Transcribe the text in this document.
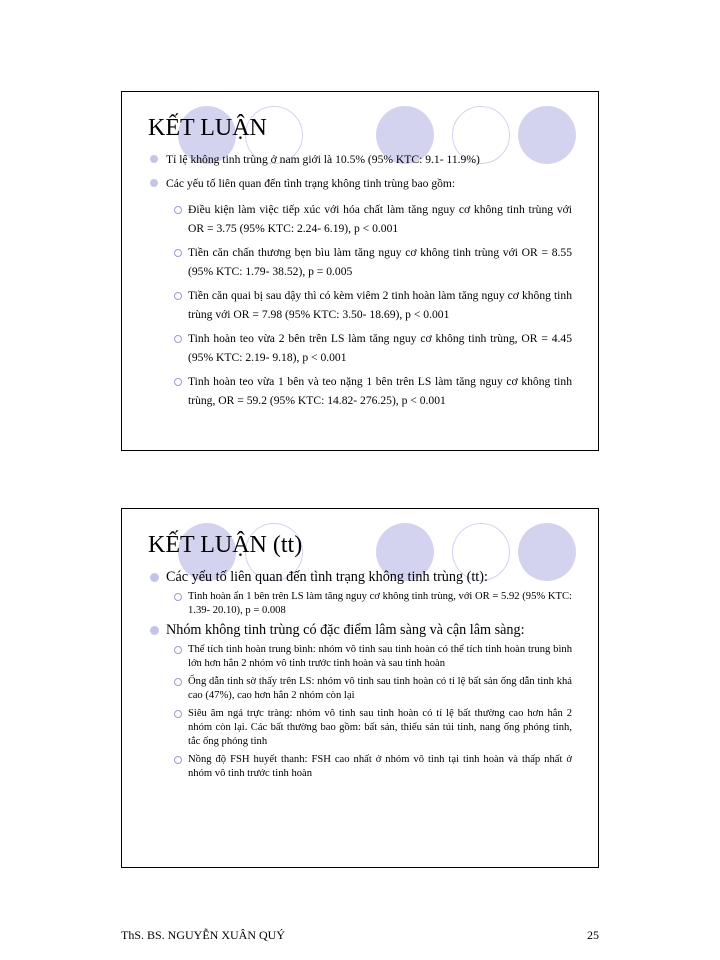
KẾT LUẬN
Tỉ lệ không tinh trùng ở nam giới là 10.5% (95% KTC: 9.1- 11.9%)
Các yếu tố liên quan đến tình trạng không tinh trùng bao gồm:
Điều kiện làm việc tiếp xúc với hóa chất làm tăng nguy cơ không tinh trùng với OR = 3.75 (95% KTC: 2.24- 6.19), p < 0.001
Tiền căn chấn thương bẹn bìu làm tăng nguy cơ không tinh trùng với OR = 8.55 (95% KTC: 1.79- 38.52), p = 0.005
Tiền căn quai bị sau dậy thì có kèm viêm 2 tinh hoàn làm tăng nguy cơ không tinh trùng với OR = 7.98 (95% KTC: 3.50- 18.69), p < 0.001
Tinh hoàn teo vừa 2 bên trên LS làm tăng nguy cơ không tinh trùng, OR = 4.45 (95% KTC: 2.19- 9.18), p < 0.001
Tinh hoàn teo vừa 1 bên và teo nặng 1 bên trên LS làm tăng nguy cơ không tinh trùng, OR = 59.2 (95% KTC: 14.82- 276.25), p < 0.001
KẾT LUẬN (tt)
Các yếu tố liên quan đến tình trạng không tinh trùng (tt):
Tinh hoàn ẩn 1 bên trên LS làm tăng nguy cơ không tinh trùng, với OR = 5.92 (95% KTC: 1.39- 20.10), p = 0.008
Nhóm không tinh trùng có đặc điểm lâm sàng và cận lâm sàng:
Thể tích tinh hoàn trung bình: nhóm vô tinh sau tinh hoàn có thể tích tinh hoàn trung bình lớn hơn hẳn 2 nhóm vô tinh trước tinh hoàn và sau tinh hoàn
Ống dẫn tinh sờ thấy trên LS: nhóm vô tinh sau tinh hoàn có tỉ lệ bất sản ống dẫn tinh khá cao (47%), cao hơn hẳn 2 nhóm còn lại
Siêu âm ngả trực tràng: nhóm vô tinh sau tinh hoàn có tỉ lệ bất thường cao hơn hẳn 2 nhóm còn lại. Các bất thường bao gồm: bất sản, thiểu sản túi tinh, nang ống phóng tinh, tắc ống phóng tinh
Nồng độ FSH huyết thanh: FSH cao nhất ở nhóm vô tinh tại tinh hoàn và thấp nhất ở nhóm vô tinh trước tinh hoàn
ThS. BS. NGUYỄN XUÂN QUÝ	25
